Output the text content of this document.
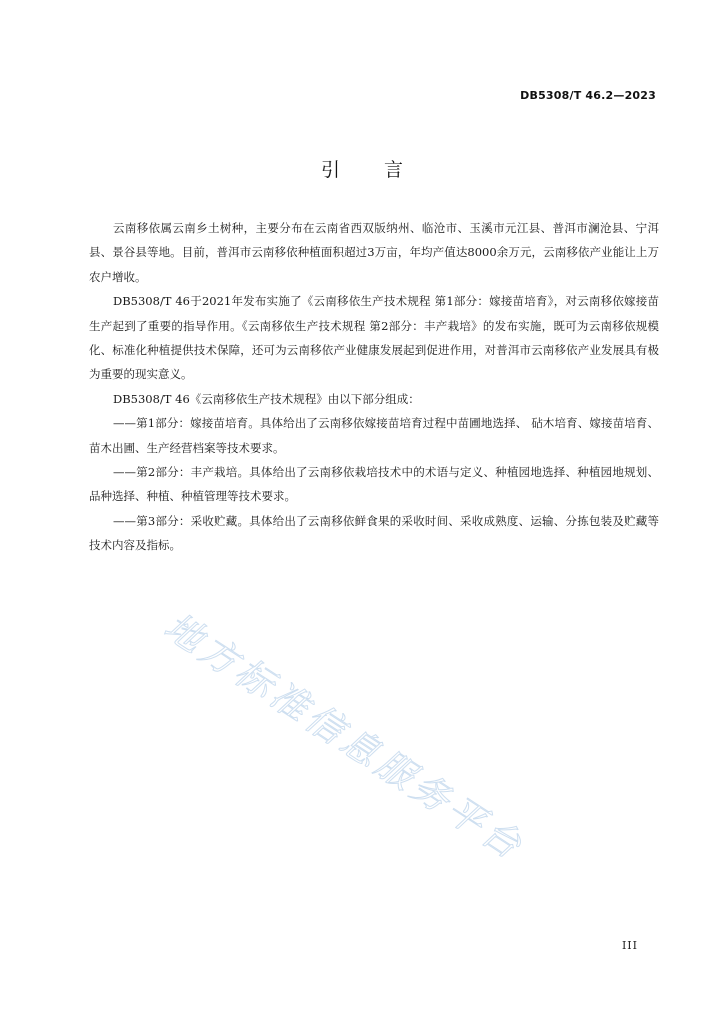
DB5308/T 46.2—2023
引言

云南移依属云南乡土树种，主要分布在云南省西双版纳州、临沧市、玉溪市元江县、普洱市澜沧县、宁洱县、景谷县等地。目前，普洱市云南移依种植面积超过3万亩，年均产值达8000余万元，云南移依产业能让上万农户增收。

DB5308/T 46于2021年发布实施了《云南移依生产技术规程 第1部分：嫁接苗培育》，对云南移依嫁接苗生产起到了重要的指导作用。《云南移依生产技术规程 第2部分：丰产栽培》的发布实施，既可为云南移依规模化、标准化种植提供技术保障，还可为云南移依产业健康发展起到促进作用，对普洱市云南移依产业发展具有极为重要的现实意义。

DB5308/T 46《云南移依生产技术规程》由以下部分组成：

——第1部分：嫁接苗培育。具体给出了云南移依嫁接苗培育过程中苗圃地选择、 砧木培育、嫁接苗培育、苗木出圃、生产经营档案等技术要求。

——第2部分：丰产栽培。具体给出了云南移依栽培技术中的术语与定义、种植园地选择、种植园地规划、品种选择、种植、种植管理等技术要求。

——第3部分：采收贮藏。具体给出了云南移依鲜食果的采收时间、采收成熟度、运输、分拣包装及贮藏等技术内容及指标。

地方标准信息服务平台
III
